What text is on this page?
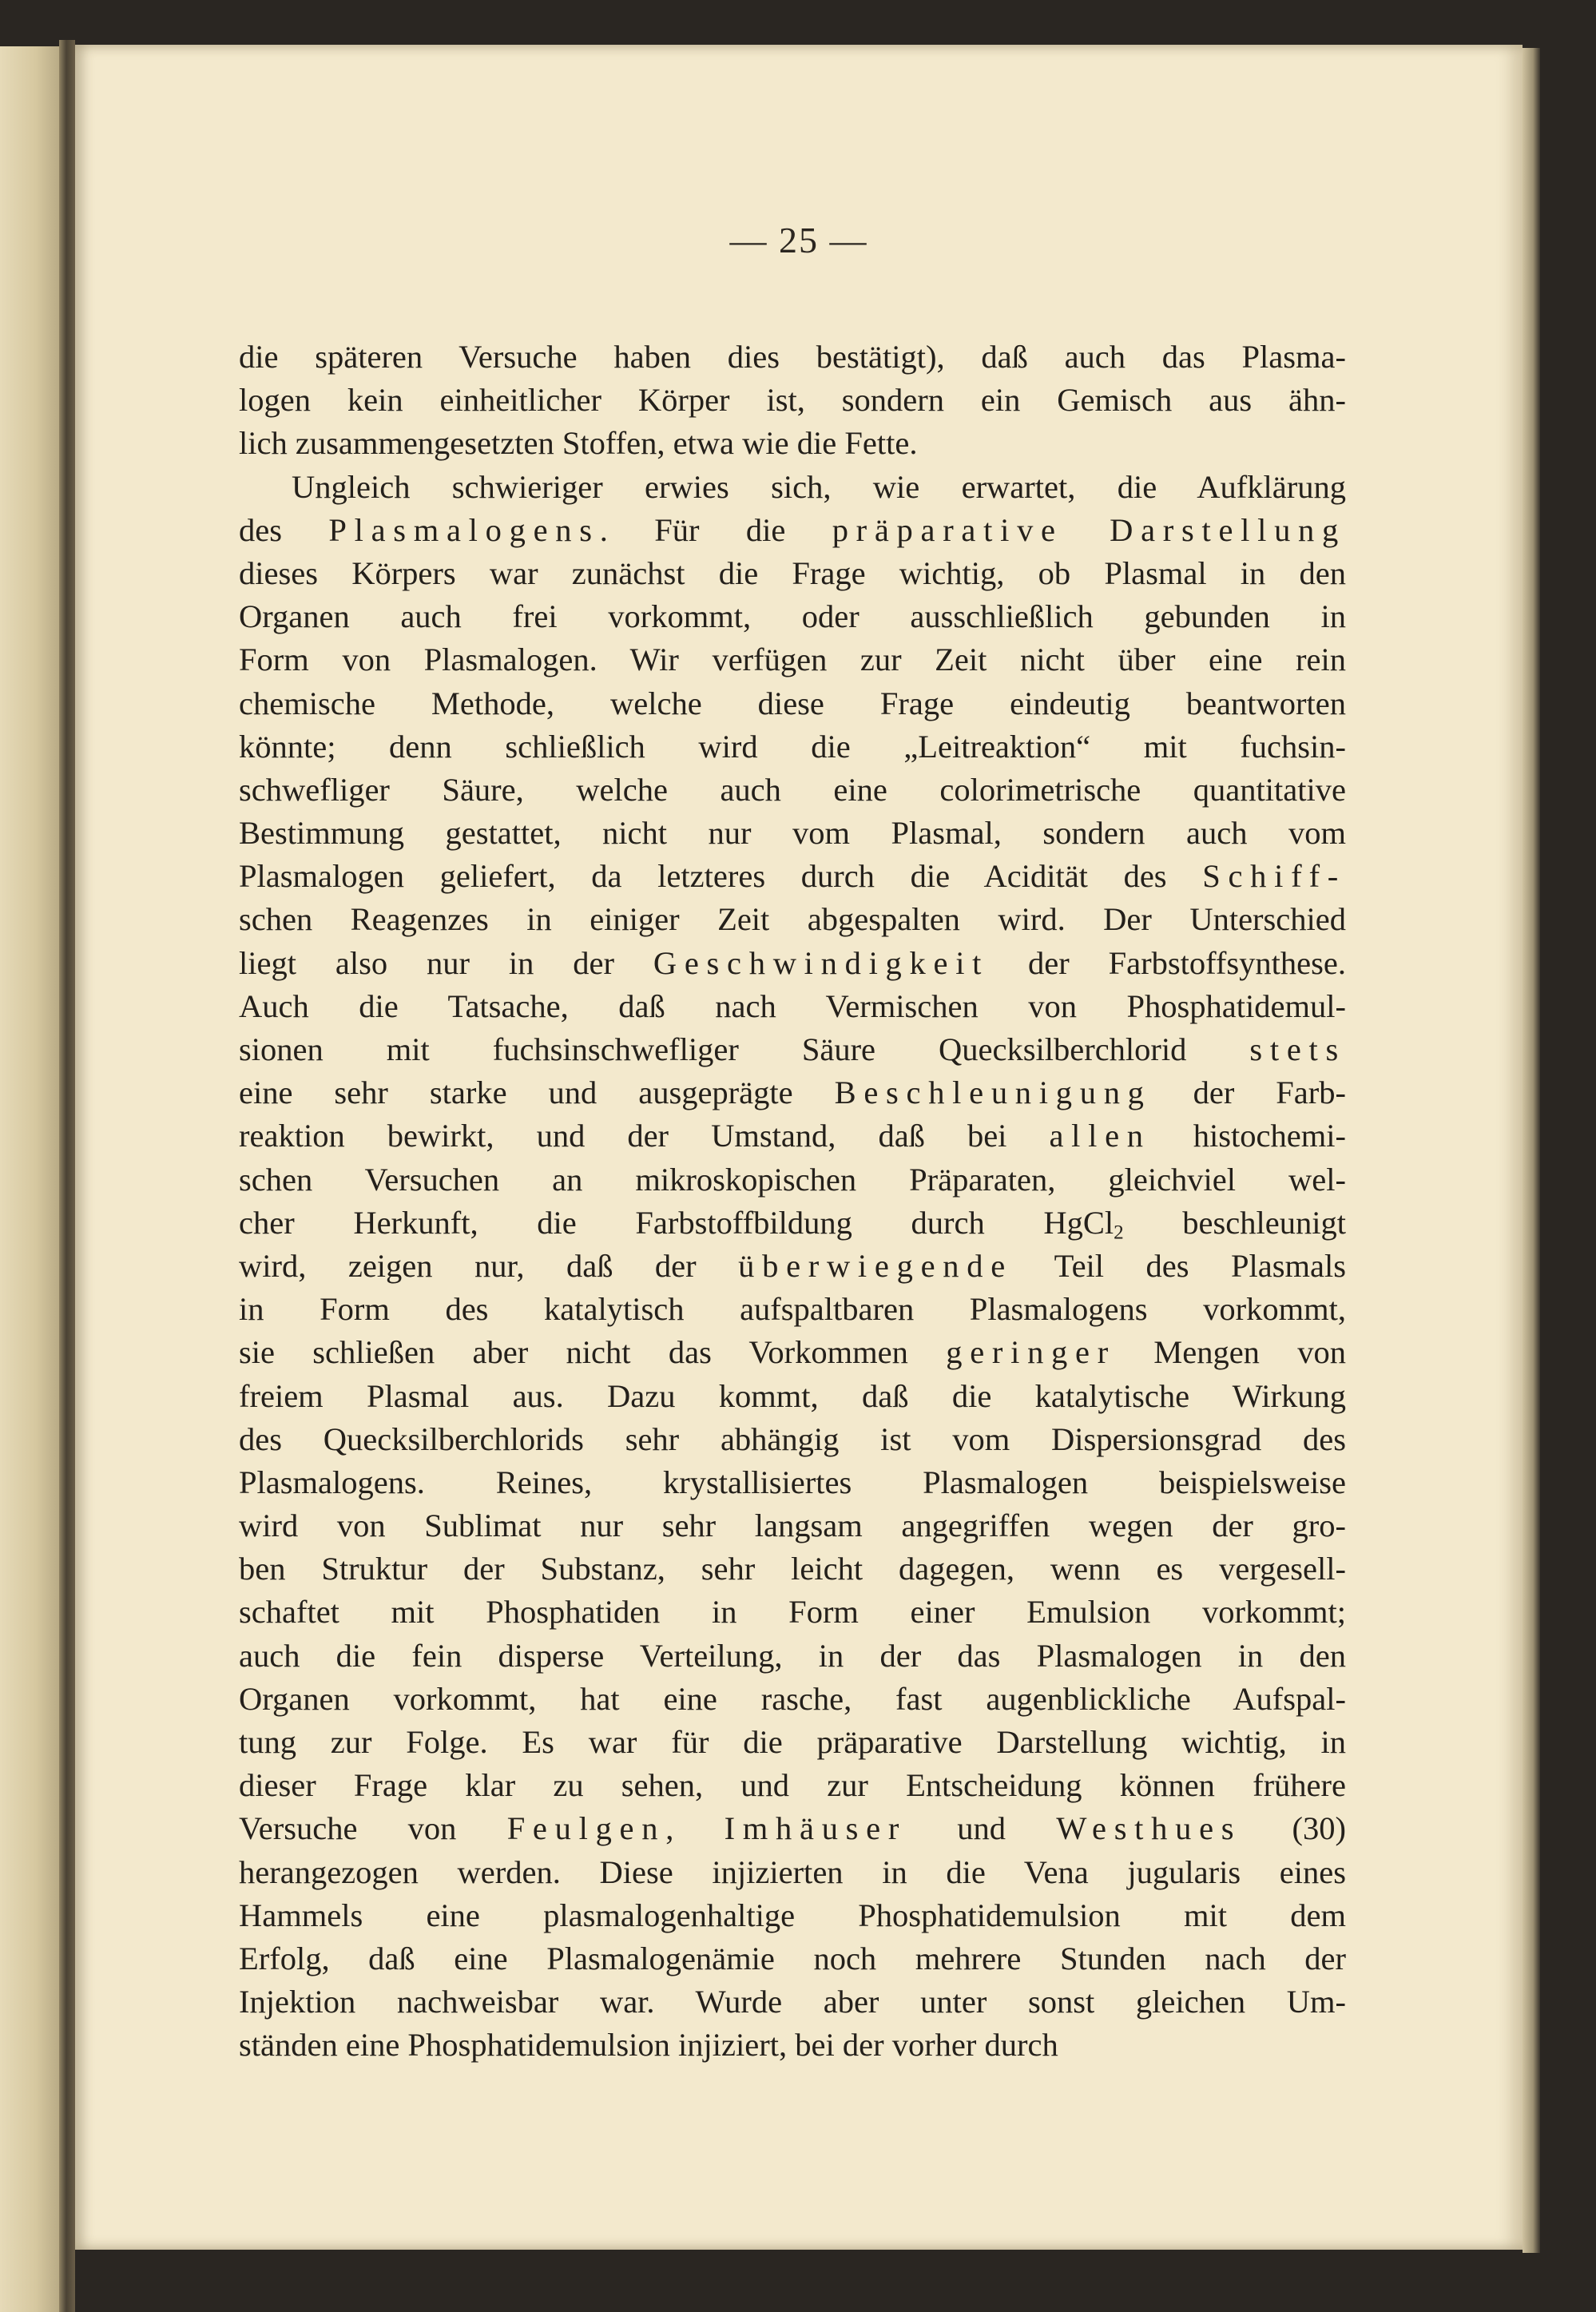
— 25 —
die späteren Versuche haben dies bestätigt), daß auch das Plasma-
logen kein einheitlicher Körper ist, sondern ein Gemisch aus ähn-
lich zusammengesetzten Stoffen, etwa wie die Fette.
Ungleich schwieriger erwies sich, wie erwartet, die Aufklärung
des Plasmalogens. Für die präparative Darstellung
dieses Körpers war zunächst die Frage wichtig, ob Plasmal in den
Organen auch frei vorkommt, oder ausschließlich gebunden in
Form von Plasmalogen. Wir verfügen zur Zeit nicht über eine rein
chemische Methode, welche diese Frage eindeutig beantworten
könnte; denn schließlich wird die „Leitreaktion“ mit fuchsin-
schwefliger Säure, welche auch eine colorimetrische quantitative
Bestimmung gestattet, nicht nur vom Plasmal, sondern auch vom
Plasmalogen geliefert, da letzteres durch die Acidität des Schiff-
schen Reagenzes in einiger Zeit abgespalten wird. Der Unterschied
liegt also nur in der Geschwindigkeit der Farbstoffsynthese.
Auch die Tatsache, daß nach Vermischen von Phosphatidemul-
sionen mit fuchsinschwefliger Säure Quecksilberchlorid stets
eine sehr starke und ausgeprägte Beschleunigung der Farb-
reaktion bewirkt, und der Umstand, daß bei allen histochemi-
schen Versuchen an mikroskopischen Präparaten, gleichviel wel-
cher Herkunft, die Farbstoffbildung durch HgCl$_2$ beschleunigt
wird, zeigen nur, daß der überwiegende Teil des Plasmals
in Form des katalytisch aufspaltbaren Plasmalogens vorkommt,
sie schließen aber nicht das Vorkommen geringer Mengen von
freiem Plasmal aus. Dazu kommt, daß die katalytische Wirkung
des Quecksilberchlorids sehr abhängig ist vom Dispersionsgrad des
Plasmalogens. Reines, krystallisiertes Plasmalogen beispielsweise
wird von Sublimat nur sehr langsam angegriffen wegen der gro-
ben Struktur der Substanz, sehr leicht dagegen, wenn es vergesell-
schaftet mit Phosphatiden in Form einer Emulsion vorkommt;
auch die fein disperse Verteilung, in der das Plasmalogen in den
Organen vorkommt, hat eine rasche, fast augenblickliche Aufspal-
tung zur Folge. Es war für die präparative Darstellung wichtig, in
dieser Frage klar zu sehen, und zur Entscheidung können frühere
Versuche von Feulgen, Imhäuser und Westhues (30)
herangezogen werden. Diese injizierten in die Vena jugularis eines
Hammels eine plasmalogenhaltige Phosphatidemulsion mit dem
Erfolg, daß eine Plasmalogenämie noch mehrere Stunden nach der
Injektion nachweisbar war. Wurde aber unter sonst gleichen Um-
ständen eine Phosphatidemulsion injiziert, bei der vorher durch
